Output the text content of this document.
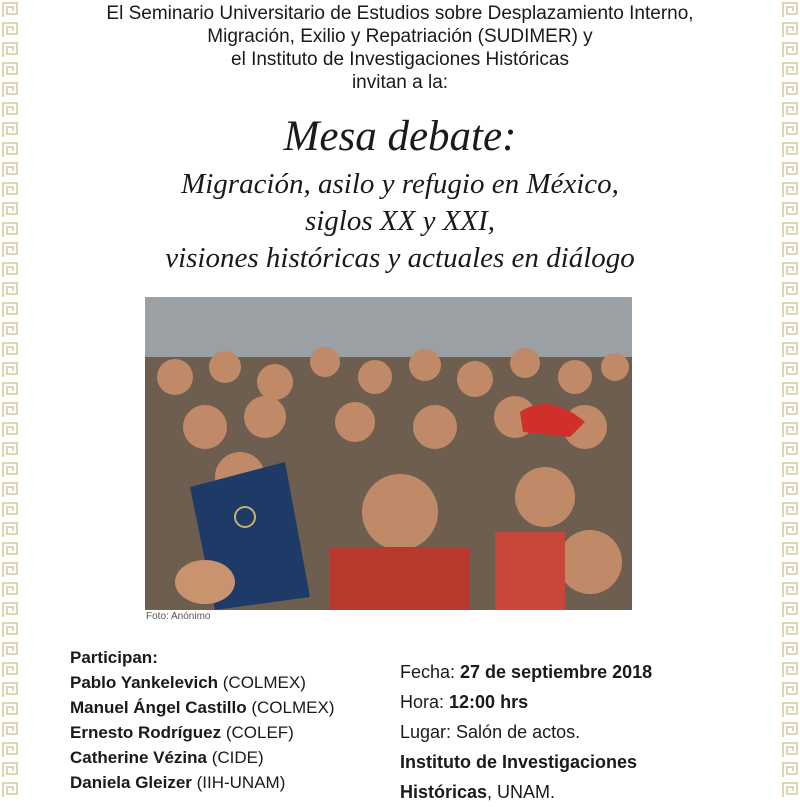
El Seminario Universitario de Estudios sobre Desplazamiento Interno,
Migración, Exilio y Repatriación (SUDIMER) y
el Instituto de Investigaciones Históricas
invitan a la:
Mesa debate:
Migración, asilo y refugio en México,
siglos XX y XXI,
visiones históricas y actuales en diálogo
Foto: Anónimo
Participan:
Pablo Yankelevich (COLMEX)
Manuel Ángel Castillo (COLMEX)
Ernesto Rodríguez (COLEF)
Catherine Vézina (CIDE)
Daniela Gleizer (IIH-UNAM)
Fecha: 27 de septiembre 2018
Hora: 12:00 hrs
Lugar: Salón de actos.
Instituto de Investigaciones
Históricas, UNAM.
